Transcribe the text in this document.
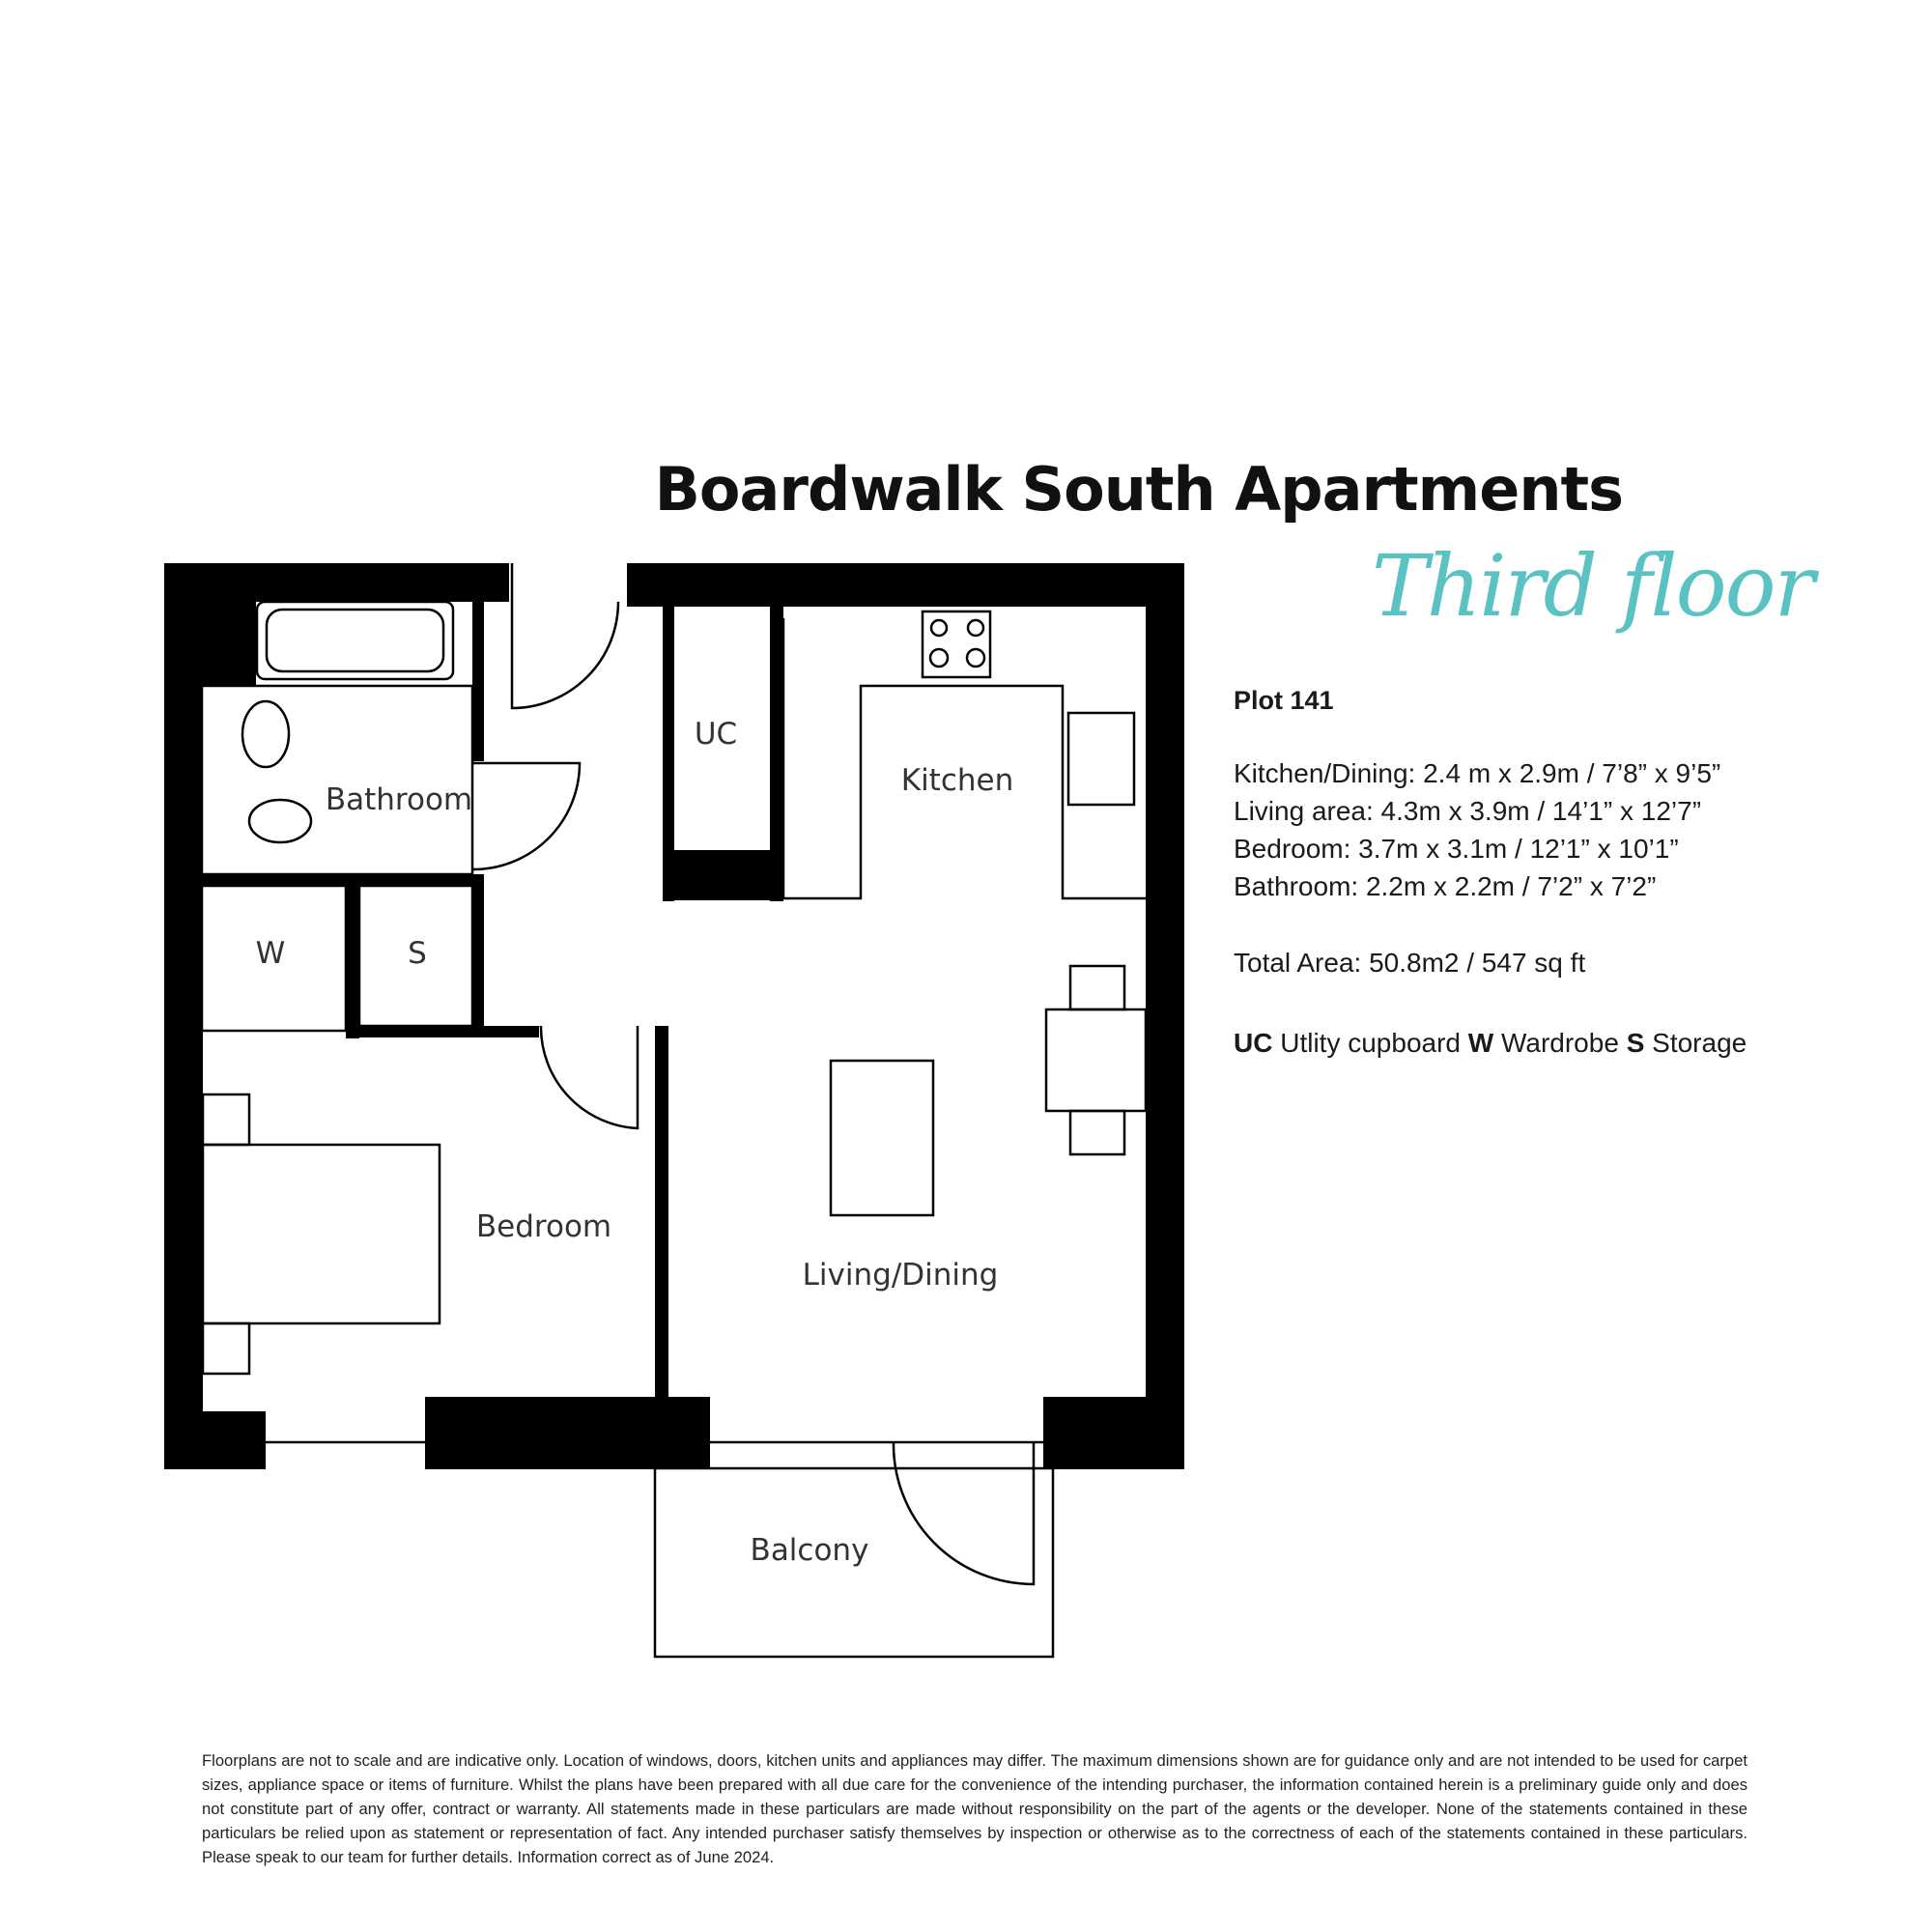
Boardwalk South Apartments
Third floor
Plot 141
Kitchen/Dining: 2.4 m x 2.9m / 7’8” x 9’5”
Living area: 4.3m x 3.9m / 14’1” x 12’7”
Bedroom: 3.7m x 3.1m / 12’1” x 10’1”
Bathroom: 2.2m x 2.2m / 7’2” x 7’2”
Total Area: 50.8m2 / 547 sq ft
UC Utlity cupboard W Wardrobe S Storage
Bathroom
UC
Kitchen
W	S
Bedroom
Living/Dining
Balcony
Floorplans are not to scale and are indicative only. Location of windows, doors, kitchen units and appliances may differ. The maximum dimensions shown are for guidance only and are not intended to be used for carpet sizes, appliance space or items of furniture. Whilst the plans have been prepared with all due care for the convenience of the intending purchaser, the information contained herein is a preliminary guide only and does not constitute part of any offer, contract or warranty. All statements made in these particulars are made without responsibility on the part of the agents or the developer. None of the statements contained in these particulars be relied upon as statement or representation of fact. Any intended purchaser satisfy themselves by inspection or otherwise as to the correctness of each of the statements contained in these particulars. Please speak to our team for further details. Information correct as of June 2024.
